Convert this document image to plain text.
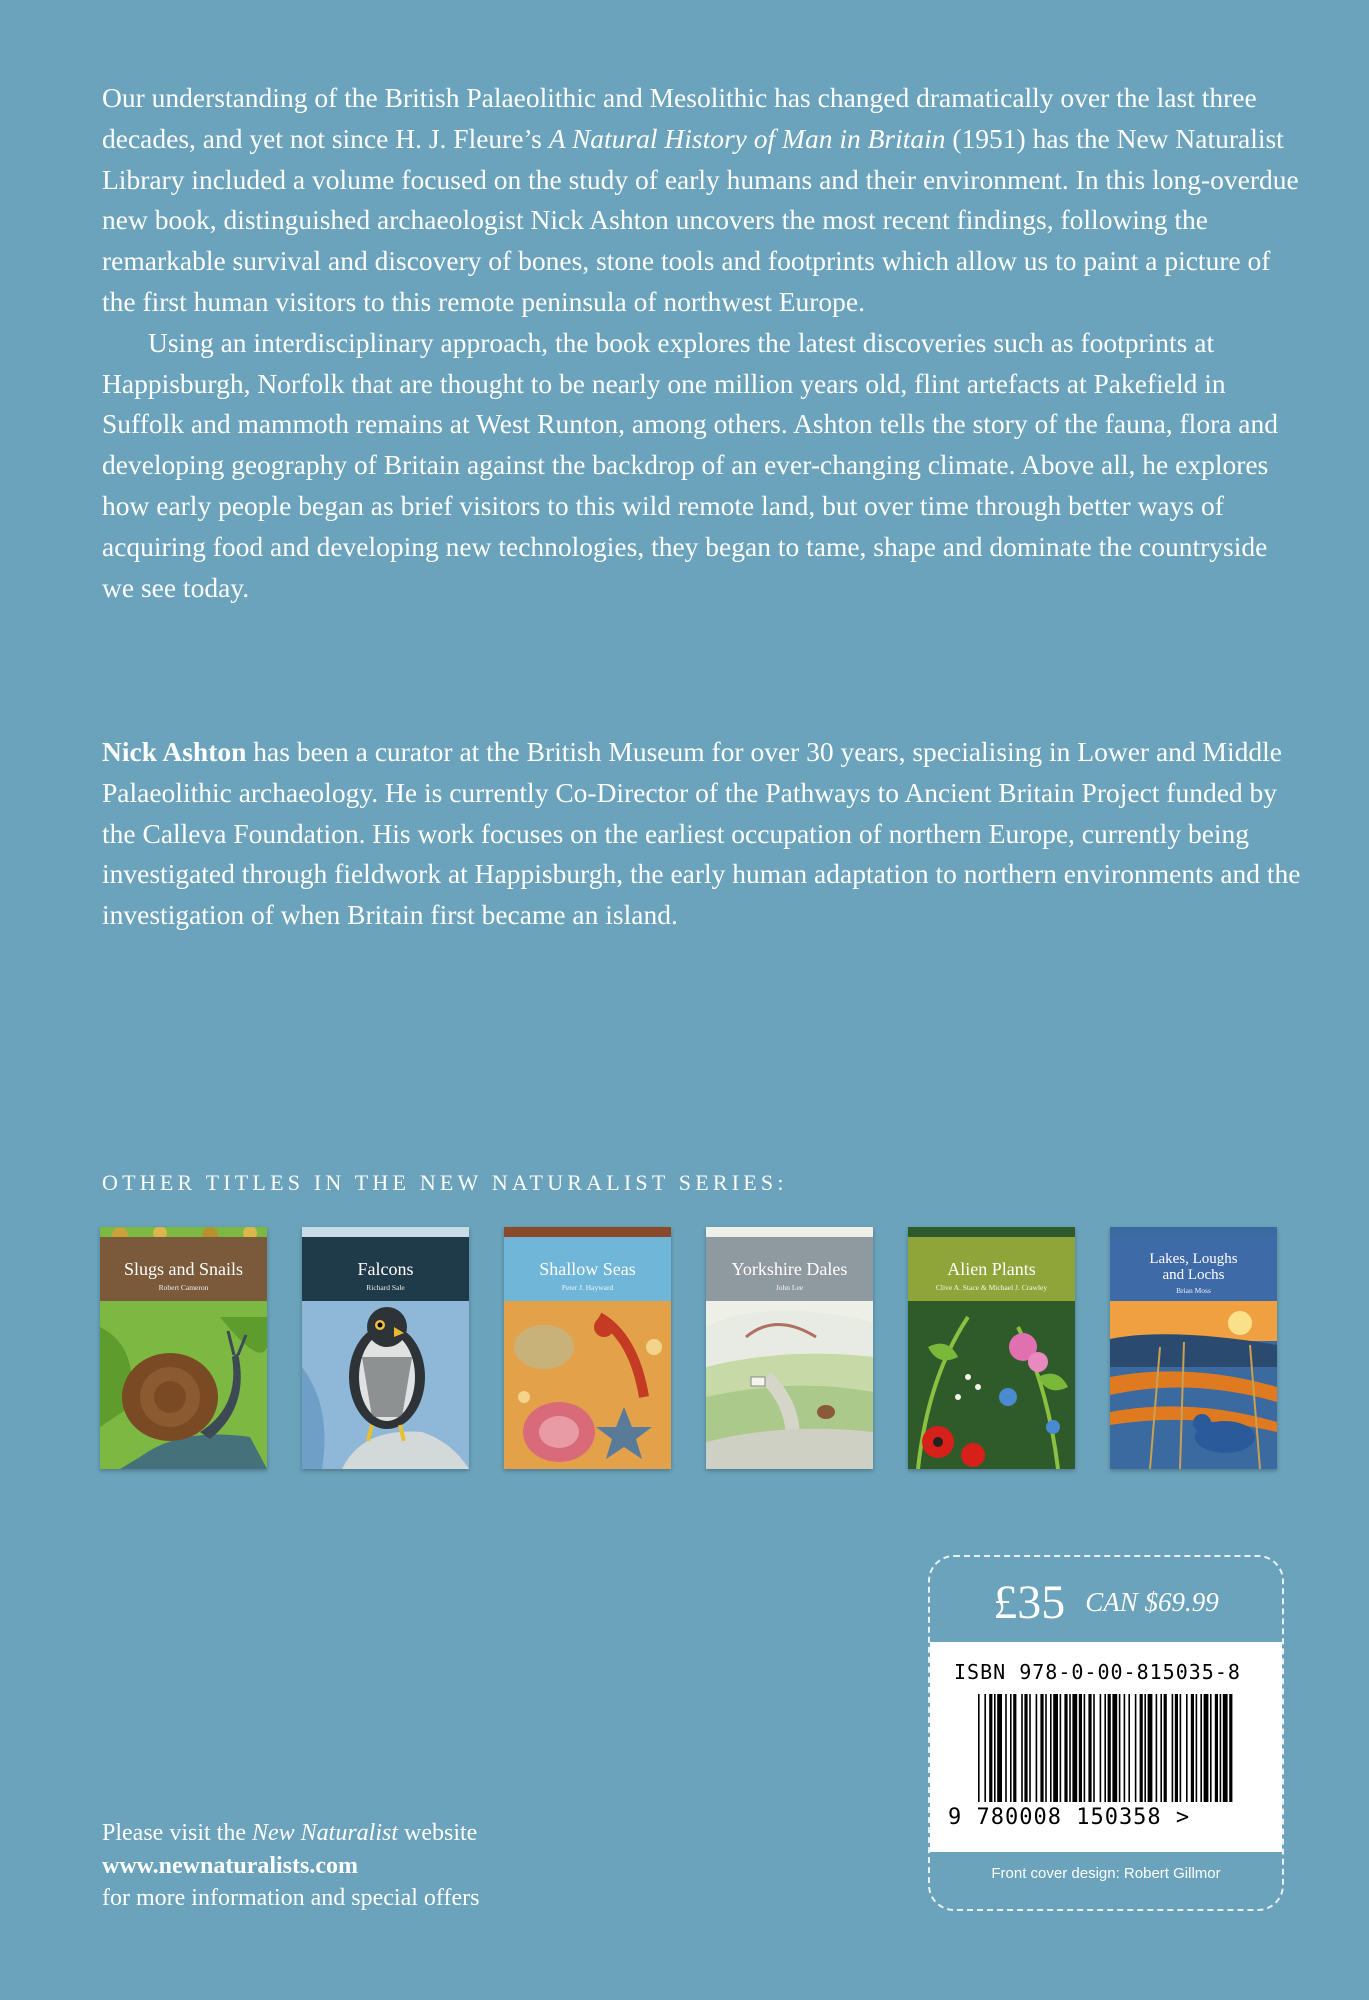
Our understanding of the British Palaeolithic and Mesolithic has changed dramatically over the last three decades, and yet not since H. J. Fleure’s A Natural History of Man in Britain (1951) has the New Naturalist Library included a volume focused on the study of early humans and their environment. In this long-overdue new book, distinguished archaeologist Nick Ashton uncovers the most recent findings, following the remarkable survival and discovery of bones, stone tools and footprints which allow us to paint a picture of the first human visitors to this remote peninsula of northwest Europe.

Using an interdisciplinary approach, the book explores the latest discoveries such as footprints at Happisburgh, Norfolk that are thought to be nearly one million years old, flint artefacts at Pakefield in Suffolk and mammoth remains at West Runton, among others. Ashton tells the story of the fauna, flora and developing geography of Britain against the backdrop of an ever-changing climate. Above all, he explores how early people began as brief visitors to this wild remote land, but over time through better ways of acquiring food and developing new technologies, they began to tame, shape and dominate the countryside we see today.

Nick Ashton has been a curator at the British Museum for over 30 years, specialising in Lower and Middle Palaeolithic archaeology. He is currently Co-Director of the Pathways to Ancient Britain Project funded by the Calleva Foundation. His work focuses on the earliest occupation of northern Europe, currently being investigated through fieldwork at Happisburgh, the early human adaptation to northern environments and the investigation of when Britain first became an island.

OTHER TITLES IN THE NEW NATURALIST SERIES:
Slugs and Snails
Robert Cameron
Falcons
Richard Sale
Shallow Seas
Peter J. Hayward
Yorkshire Dales
John Lee
Alien Plants
Clive A. Stace & Michael J. Crawley
Lakes, Loughs
and Lochs
Brian Moss
Please visit the New Naturalist website
www.newnaturalists.com
for more information and special offers
£35 CAN $69.99
ISBN 978-0-00-815035-8
9 780008 150358 >
Front cover design: Robert Gillmor
